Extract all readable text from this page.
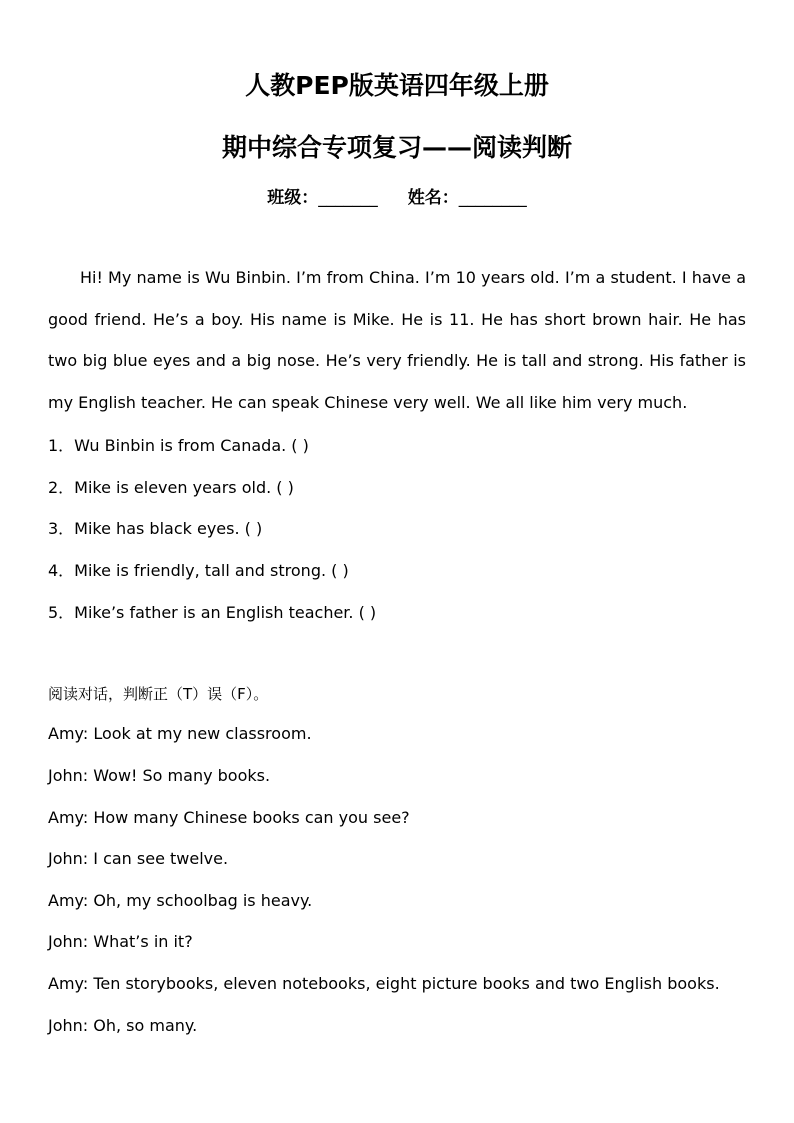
人教PEP版英语四年级上册
期中综合专项复习——阅读判断
班级：_______ 姓名：________

Hi! My name is Wu Binbin. I’m from China. I’m 10 years old. I’m a student. I have a good friend. He’s a boy. His name is Mike. He is 11. He has short brown hair. He has two big blue eyes and a big nose. He’s very friendly. He is tall and strong. His father is my English teacher. He can speak Chinese very well. We all like him very much.

1．Wu Binbin is from Canada. ( )
2．Mike is eleven years old. ( )
3．Mike has black eyes. ( )
4．Mike is friendly, tall and strong. ( )
5．Mike’s father is an English teacher. ( )
阅读对话，判断正（T）误（F）。
Amy: Look at my new classroom.
John: Wow! So many books.
Amy: How many Chinese books can you see?
John: I can see twelve.
Amy: Oh, my schoolbag is heavy.
John: What’s in it?
Amy: Ten storybooks, eleven notebooks, eight picture books and two English books.
John: Oh, so many.
